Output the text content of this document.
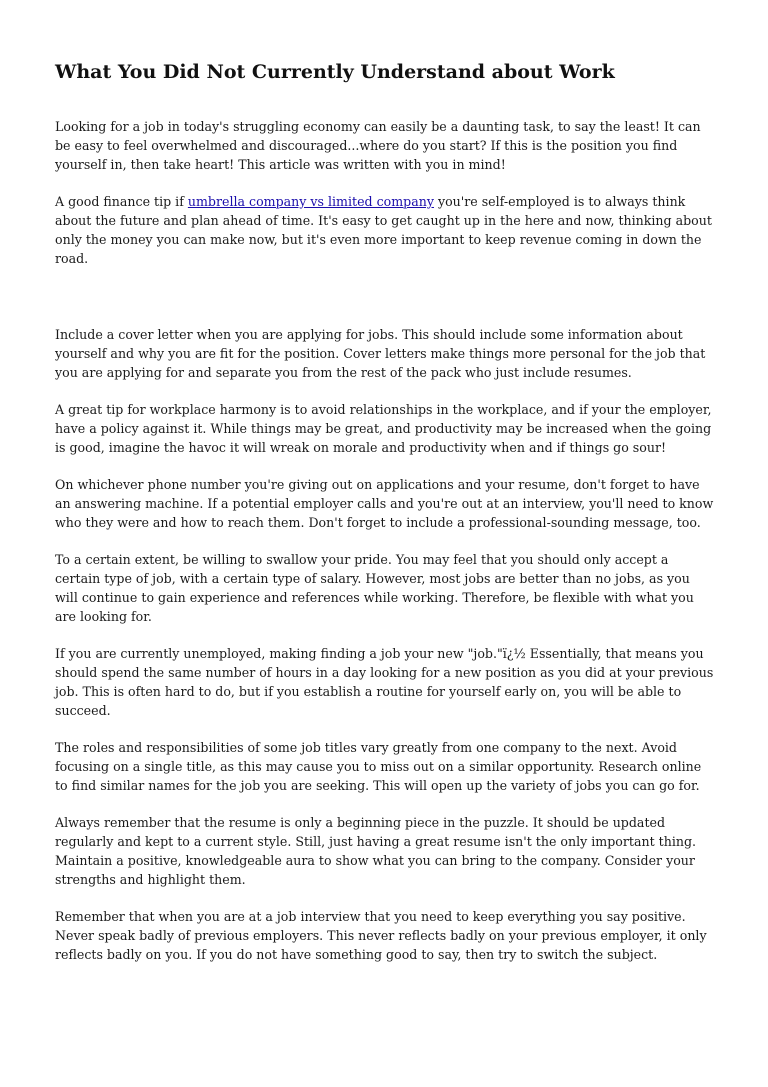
What You Did Not Currently Understand about Work

Looking for a job in today's struggling economy can easily be a daunting task, to say the least! It can be easy to feel overwhelmed and discouraged...where do you start? If this is the position you find yourself in, then take heart! This article was written with you in mind!

A good finance tip if umbrella company vs limited company you're self-employed is to always think about the future and plan ahead of time. It's easy to get caught up in the here and now, thinking about only the money you can make now, but it's even more important to keep revenue coming in down the road.

Include a cover letter when you are applying for jobs. This should include some information about yourself and why you are fit for the position. Cover letters make things more personal for the job that you are applying for and separate you from the rest of the pack who just include resumes.

A great tip for workplace harmony is to avoid relationships in the workplace, and if your the employer, have a policy against it. While things may be great, and productivity may be increased when the going is good, imagine the havoc it will wreak on morale and productivity when and if things go sour!

On whichever phone number you're giving out on applications and your resume, don't forget to have an answering machine. If a potential employer calls and you're out at an interview, you'll need to know who they were and how to reach them. Don't forget to include a professional-sounding message, too.

To a certain extent, be willing to swallow your pride. You may feel that you should only accept a certain type of job, with a certain type of salary. However, most jobs are better than no jobs, as you will continue to gain experience and references while working. Therefore, be flexible with what you are looking for.

If you are currently unemployed, making finding a job your new "job."ï¿½ Essentially, that means you should spend the same number of hours in a day looking for a new position as you did at your previous job. This is often hard to do, but if you establish a routine for yourself early on, you will be able to succeed.

The roles and responsibilities of some job titles vary greatly from one company to the next. Avoid focusing on a single title, as this may cause you to miss out on a similar opportunity. Research online to find similar names for the job you are seeking. This will open up the variety of jobs you can go for.

Always remember that the resume is only a beginning piece in the puzzle. It should be updated regularly and kept to a current style. Still, just having a great resume isn't the only important thing. Maintain a positive, knowledgeable aura to show what you can bring to the company. Consider your strengths and highlight them.

Remember that when you are at a job interview that you need to keep everything you say positive. Never speak badly of previous employers. This never reflects badly on your previous employer, it only reflects badly on you. If you do not have something good to say, then try to switch the subject.
